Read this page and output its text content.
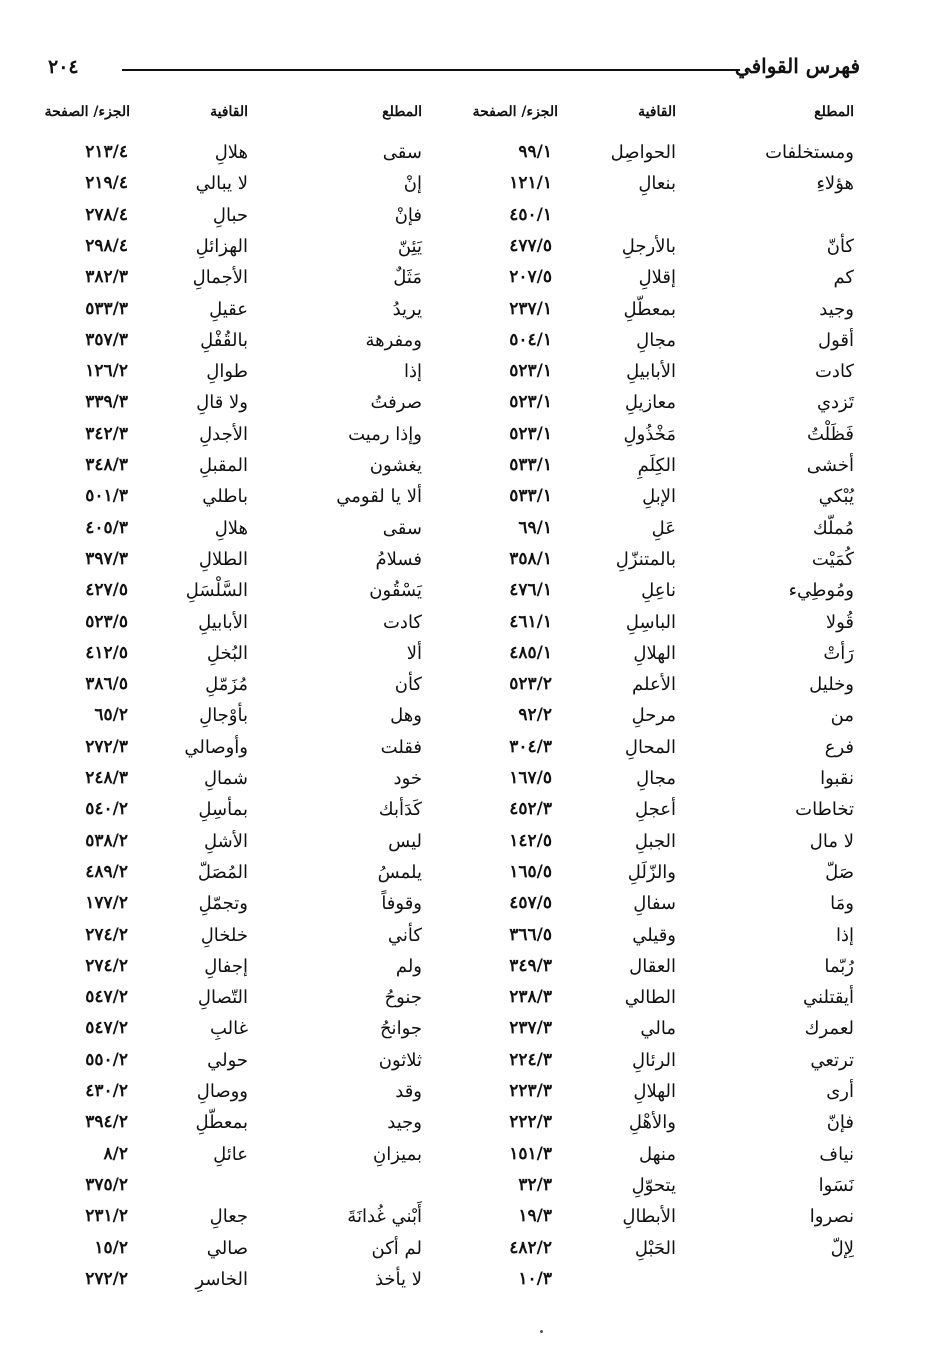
٢٠٤	فهرس القوافي
المطلع
القافية
الجزء/ الصفحة
المطلع
القافية
الجزء/ الصفحة
ومستخلفات
هؤلاءِ
كأنّ
كم
وجيد
أقول
كادت
تَزدي
فَظَلْتُ
أخشى
يُبْكي
مُملّك
كُمَيْت
ومُوطِيء
قُولا
رَأتْ
وخليل
من
فرع
نقبوا
تخاطات
لا مال
صَلّ
ومَا
إذا
رُبّما
أيقتلني
لعمرك
ترتعي
أرى
فإنّ
نياف
نَسَوا
نصروا
لِإلّ
الحواصِل
بنعالِ
بالأرجلِ
إقلالِ
بمعطّلِ
مجالِ
الأبابيلِ
معازيلِ
مَخْذُولِ
الكِلَمِ
الإبلِ
عَلِ
بالمتنزّلِ
ناعِلِ
الباسِلِ
الهلالِ
الأعلم
مرحلِ
المحالِ
مجالِ
أعجلِ
الجبلِ
والزّلَلِ
سفالِ
وقيلي
العقال
الطالي
مالي
الرئالِ
الهلالِ
والأهْلِ
منهل
يتحوّلِ
الأبطالِ
الحَبْلِ
٩٩/١
١٢١/١
٤٥٠/١
٤٧٧/٥
٢٠٧/٥
٢٣٧/١
٥٠٤/١
٥٢٣/١
٥٢٣/١
٥٢٣/١
٥٣٣/١
٥٣٣/١
٦٩/١
٣٥٨/١
٤٧٦/١
٤٦١/١
٤٨٥/١
٥٢٣/٢
٩٢/٢
٣٠٤/٣
١٦٧/٥
٤٥٢/٣
١٤٢/٥
١٦٥/٥
٤٥٧/٥
٣٦٦/٥
٣٤٩/٣
٢٣٨/٣
٢٣٧/٣
٢٢٤/٣
٢٢٣/٣
٢٢٢/٣
١٥١/٣
٣٢/٣
١٩/٣
٤٨٢/٢
١٠/٣
سقى
إنْ
فإنْ
يَئِنّ
مَثَلٌ
يريدُ
ومفرهة
إذا
صرفتُ
وإذا رميت
يغشون
ألا يا لقومي
سقى
فسلامُ
يَسْقُون
كادت
ألا
كأن
وهل
فقلت
خود
كَدَأبك
ليس
يلمسُ
وقوفاً
كأني
ولم
جنوحُ
جوانحُ
ثلاثون
وقد
وجيد
بميزانِ
أَبْني غُدانَةَ
لم أكن
لا يأخذ
هلالِ
لا يبالي
حبالِ
الهزائلِ
الأجمالِ
عقيلِ
بالقُفْلِ
طوالِ
ولا قالِ
الأجدلِ
المقبلِ
باطلي
هلالِ
الطلالِ
السَّلْسَلِ
الأبابيلِ
البُخلِ
مُزَمّلِ
بأوْجالِ
وأوصالي
شمالِ
بمأسِلِ
الأشلِ
المُصَلّ
وتجمّلِ
خلخالِ
إجفالِ
التّصالِ
غالبِ
حولي
ووصالِ
بمعطّلِ
عائلِ
جعالِ
صالي
الخاسرِ
٢١٣/٤
٢١٩/٤
٢٧٨/٤
٢٩٨/٤
٣٨٢/٣
٥٣٣/٣
٣٥٧/٣
١٢٦/٢
٣٣٩/٣
٣٤٢/٣
٣٤٨/٣
٥٠١/٣
٤٠٥/٣
٣٩٧/٣
٤٢٧/٥
٥٢٣/٥
٤١٢/٥
٣٨٦/٥
٦٥/٢
٢٧٢/٣
٢٤٨/٣
٥٤٠/٢
٥٣٨/٢
٤٨٩/٢
١٧٧/٢
٢٧٤/٢
٢٧٤/٢
٥٤٧/٢
٥٤٧/٢
٥٥٠/٢
٤٣٠/٢
٣٩٤/٢
٨/٢
٣٧٥/٢
٢٣١/٢
١٥/٢
٢٧٢/٢
